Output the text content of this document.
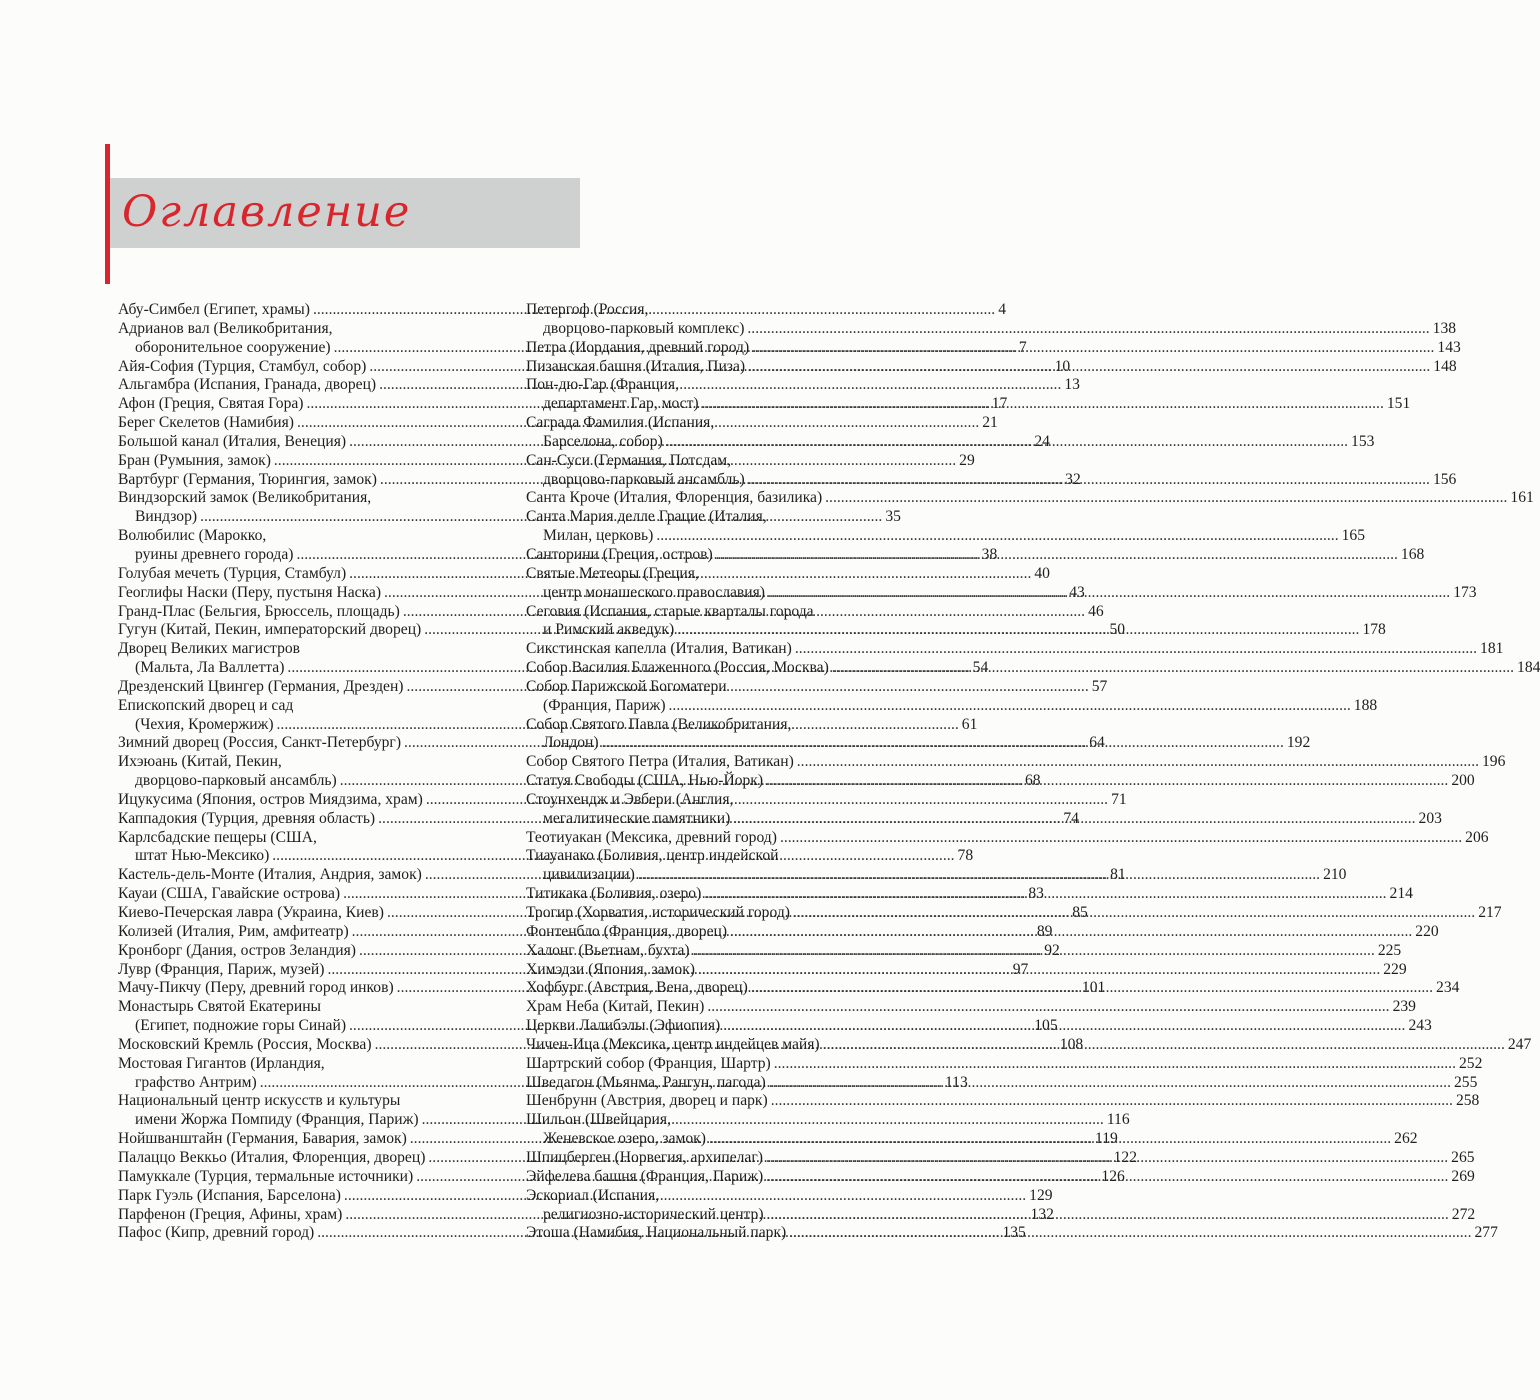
Оглавление
Абу-Симбел (Египет, храмы) .....	4
Адрианов вал (Великобритания,
оборонительное сооружение) .....	7
Айя-София (Турция, Стамбул, собор) .....	10
Альгамбра (Испания, Гранада, дворец) .....	13
Афон (Греция, Святая Гора) .....	17
Берег Скелетов (Намибия) .....	21
Большой канал (Италия, Венеция) .....	24
Бран (Румыния, замок) .....	29
Вартбург (Германия, Тюрингия, замок) .....	32
Виндзорский замок (Великобритания,
Виндзор) .....	35
Волюбилис (Марокко,
руины древнего города) .....	38
Голубая мечеть (Турция, Стамбул) .....	40
Геоглифы Наски (Перу, пустыня Наска) .....	43
Гранд-Плас (Бельгия, Брюссель, площадь) .....	46
Гугун (Китай, Пекин, императорский дворец) .....	50
Дворец Великих магистров
(Мальта, Ла Валлетта) .....	54
Дрезденский Цвингер (Германия, Дрезден) .....	57
Епископский дворец и сад
(Чехия, Кромержиж) .....	61
Зимний дворец (Россия, Санкт-Петербург) .....	64
Ихэюань (Китай, Пекин,
дворцово-парковый ансамбль) .....	68
Ицукусима (Япония, остров Миядзима, храм) .....	71
Каппадокия (Турция, древняя область) .....	74
Карлсбадские пещеры (США,
штат Нью-Мексико) .....	78
Кастель-дель-Монте (Италия, Андрия, замок) .....	81
Кауаи (США, Гавайские острова) .....	83
Киево-Печерская лавра (Украина, Киев) .....	85
Колизей (Италия, Рим, амфитеатр) .....	89
Кронборг (Дания, остров Зеландия) .....	92
Лувр (Франция, Париж, музей) .....	97
Мачу-Пикчу (Перу, древний город инков) .....	101
Монастырь Святой Екатерины
(Египет, подножие горы Синай) .....	105
Московский Кремль (Россия, Москва) .....	108
Мостовая Гигантов (Ирландия,
графство Антрим) .....	113
Национальный центр искусств и культуры
имени Жоржа Помпиду (Франция, Париж) .....	116
Нойшванштайн (Германия, Бавария, замок) .....	119
Палаццо Веккьо (Италия, Флоренция, дворец) .....	122
Памуккале (Турция, термальные источники) .....	126
Парк Гуэль (Испания, Барселона) .....	129
Парфенон (Греция, Афины, храм) .....	132
Пафос (Кипр, древний город) .....	135
Петергоф (Россия,
дворцово-парковый комплекс) .....	138
Петра (Иордания, древний город) .....	143
Пизанская башня (Италия, Пиза) .....	148
Пон-дю-Гар (Франция,
департамент Гар, мост) .....	151
Саграда Фамилия (Испания,
Барселона, собор) .....	153
Сан-Суси (Германия, Потсдам,
дворцово-парковый ансамбль) .....	156
Санта Кроче (Италия, Флоренция, базилика) .....	161
Санта Мария делле Грацие (Италия,
Милан, церковь) .....	165
Санторини (Греция, остров) .....	168
Святые Метеоры (Греция,
центр монашеского православия) .....	173
Сеговия (Испания, старые кварталы города
и Римский акведук) .....	178
Сикстинская капелла (Италия, Ватикан) .....	181
Собор Василия Блаженного (Россия, Москва) .....	184
Собор Парижской Богоматери
(Франция, Париж) .....	188
Собор Святого Павла (Великобритания,
Лондон) .....	192
Собор Святого Петра (Италия, Ватикан) .....	196
Статуя Свободы (США, Нью-Йорк) .....	200
Стоунхендж и Эвбери (Англия,
мегалитические памятники) .....	203
Теотиуакан (Мексика, древний город) .....	206
Тиауанако (Боливия, центр индейской
цивилизации) .....	210
Титикака (Боливия, озеро) .....	214
Трогир (Хорватия, исторический город) .....	217
Фонтенбло (Франция, дворец) .....	220
Халонг (Вьетнам, бухта) .....	225
Химэдзи (Япония, замок) .....	229
Хофбург (Австрия, Вена, дворец) .....	234
Храм Неба (Китай, Пекин) .....	239
Церкви Лалибэлы (Эфиопия) .....	243
Чичен-Ица (Мексика, центр индейцев майя) .....	247
Шартрский собор (Франция, Шартр) .....	252
Шведагон (Мьянма, Рангун, пагода) .....	255
Шенбрунн (Австрия, дворец и парк) .....	258
Шильон (Швейцария,
Женевское озеро, замок) .....	262
Шпицберген (Норвегия, архипелаг) .....	265
Эйфелева башня (Франция, Париж) .....	269
Эскориал (Испания,
религиозно-исторический центр) .....	272
Этоша (Намибия, Национальный парк) .....	277
